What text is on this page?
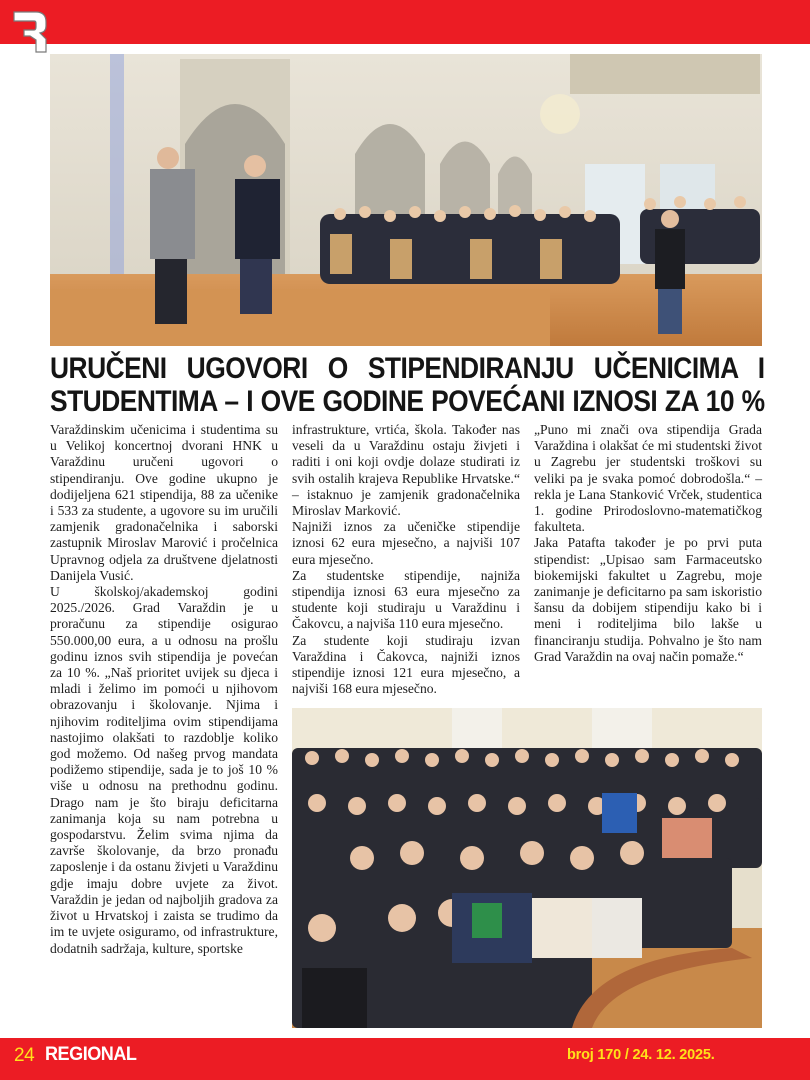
URUČENI UGOVORI O STIPENDIRANJU UČENICIMA I
STUDENTIMA – I OVE GODINE POVEĆANI IZNOSI ZA 10 %

Varaždinskim učenicima i studentima su u Velikoj koncertnoj dvorani HNK u Varaždinu uručeni ugovori o stipendiranju. Ove godine ukupno je dodijeljena 621 stipendija, 88 za učenike i 533 za studente, a ugovore su im uručili zamjenik gradonačelnika i saborski zastupnik Miroslav Marović i pročelnica Upravnog odjela za društvene djelatnosti Danijela Vusić.

U školskoj/akademskoj godini 2025./2026. Grad Varaždin je u proračunu za stipendije osigurao 550.000,00 eura, a u odnosu na prošlu godinu iznos svih stipendija je povećan za 10 %. „Naš prioritet uvijek su djeca i mladi i želimo im pomoći u njihovom obrazovanju i školovanje. Njima i njihovim roditeljima ovim stipendijama nastojimo olakšati to razdoblje koliko god možemo. Od našeg prvog mandata podižemo stipendije, sada je to još 10 % više u odnosu na prethodnu godinu. Drago nam je što biraju deficitarna zanimanja koja su nam potrebna u gospodarstvu. Želim svima njima da završe školovanje, da brzo pronađu zaposlenje i da ostanu živjeti u Varaždinu gdje imaju dobre uvjete za život. Varaždin je jedan od najboljih gradova za život u Hrvatskoj i zaista se trudimo da im te uvjete osiguramo, od infrastrukture, dodatnih sadržaja, kulture, sportske

infrastrukture, vrtića, škola. Također nas veseli da u Varaždinu ostaju živjeti i raditi i oni koji ovdje dolaze studirati iz svih ostalih krajeva Republike Hrvatske.“ – istaknuo je zamjenik gradonačelnika Miroslav Marković.

Najniži iznos za učeničke stipendije iznosi 62 eura mjesečno, a najviši 107 eura mjesečno.

Za studentske stipendije, najniža stipendija iznosi 63 eura mjesečno za studente koji studiraju u Varaždinu i Čakovcu, a najviša 110 eura mjesečno.

Za studente koji studiraju izvan Varaždina i Čakovca, najniži iznos stipendije iznosi 121 eura mjesečno, a najviši 168 eura mjesečno.

„Puno mi znači ova stipendija Grada Varaždina i olakšat će mi studentski život u Zagrebu jer studentski troškovi su veliki pa je svaka pomoć dobrodošla.“ – rekla je Lana Stanković Vrček, studentica 1. godine Prirodoslovno-matematičkog fakulteta.

Jaka Patafta također je po prvi puta stipendist: „Upisao sam Farmaceutsko biokemijski fakultet u Zagrebu, moje zanimanje je deficitarno pa sam iskoristio šansu da dobijem stipendiju kako bi i meni i roditeljima bilo lakše u financiranju studija. Pohvalno je što nam Grad Varaždin na ovaj način pomaže.“

24 REGIONAL	broj 170 / 24. 12. 2025.
